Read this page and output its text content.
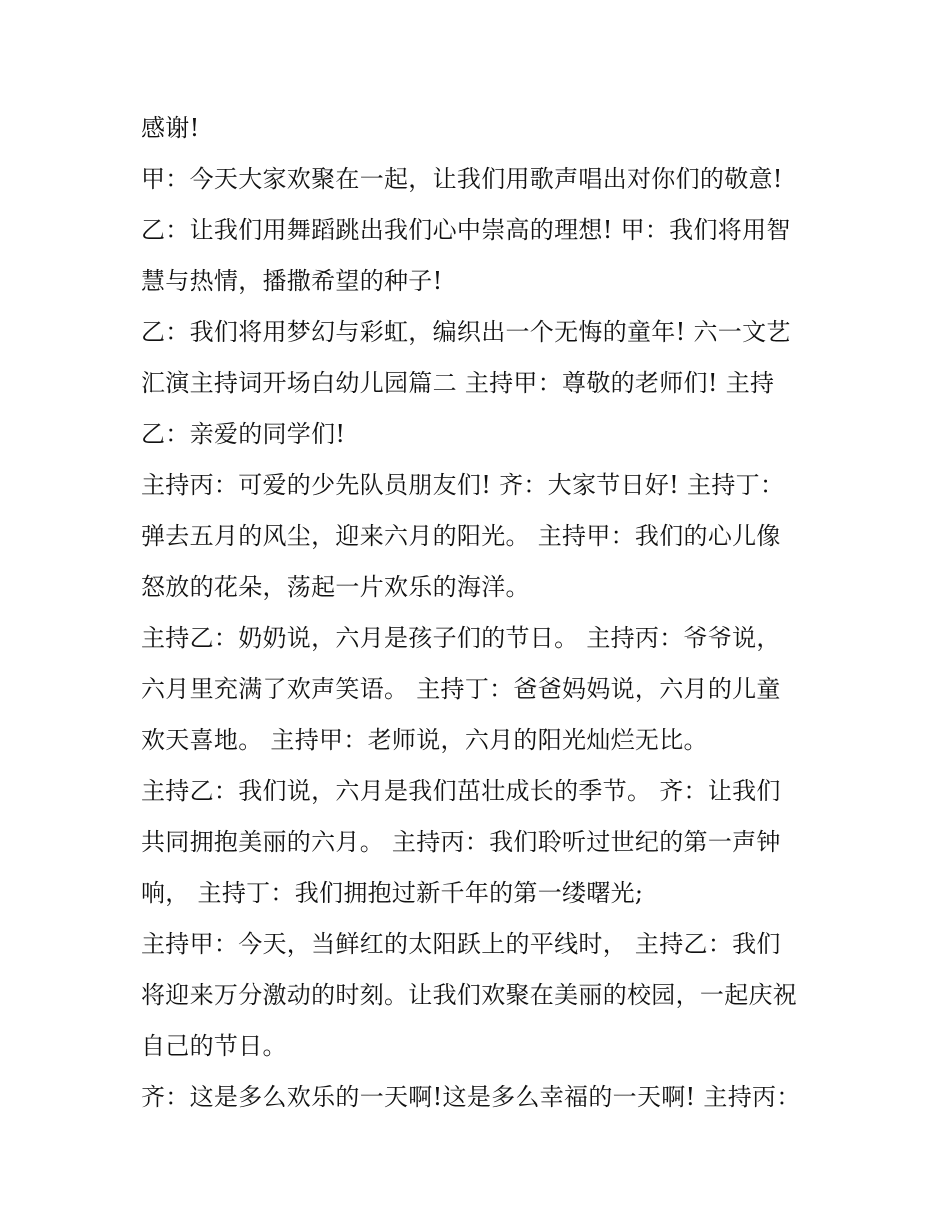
感谢!
甲：今天大家欢聚在一起，让我们用歌声唱出对你们的敬意!
乙：让我们用舞蹈跳出我们心中崇高的理想! 甲：我们将用智
慧与热情，播撒希望的种子!
乙：我们将用梦幻与彩虹，编织出一个无悔的童年! 六一文艺
汇演主持词开场白幼儿园篇二 主持甲：尊敬的老师们! 主持
乙：亲爱的同学们!
主持丙：可爱的少先队员朋友们! 齐：大家节日好! 主持丁：
弹去五月的风尘，迎来六月的阳光。 主持甲：我们的心儿像
怒放的花朵，荡起一片欢乐的海洋。
主持乙：奶奶说，六月是孩子们的节日。 主持丙：爷爷说，
六月里充满了欢声笑语。 主持丁：爸爸妈妈说，六月的儿童
欢天喜地。 主持甲：老师说，六月的阳光灿烂无比。
主持乙：我们说，六月是我们茁壮成长的季节。 齐：让我们
共同拥抱美丽的六月。 主持丙：我们聆听过世纪的第一声钟
响， 主持丁：我们拥抱过新千年的第一缕曙光;
主持甲：今天，当鲜红的太阳跃上的平线时， 主持乙：我们
将迎来万分激动的时刻。让我们欢聚在美丽的校园，一起庆祝
自己的节日。
齐：这是多么欢乐的一天啊!这是多么幸福的一天啊! 主持丙：
